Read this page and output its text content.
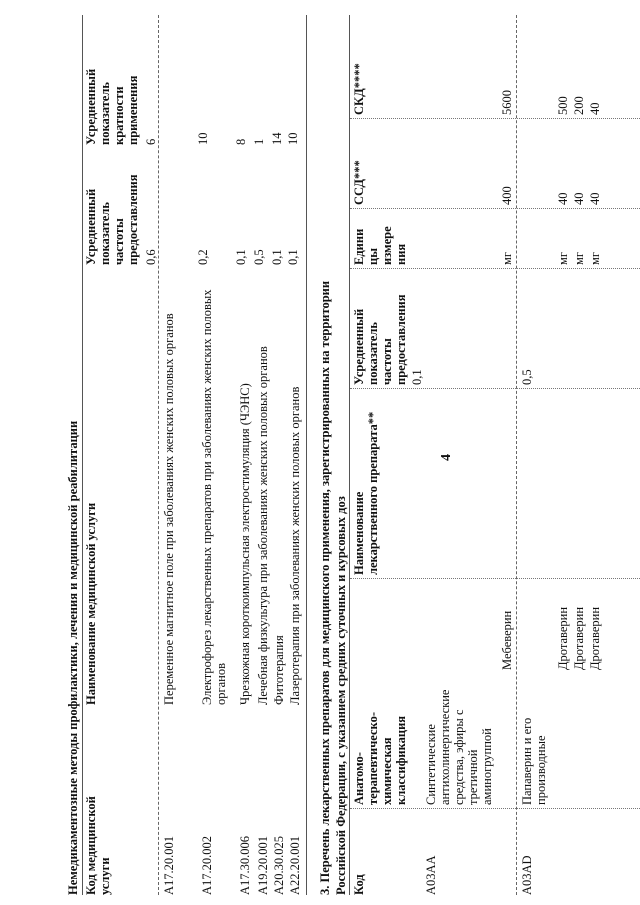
4
Немедикаментозные методы профилактики, лечения и медицинской реабилитации Код медицинской услуги
Наименование медицинской услуги
Усредненный показатель частоты предоставления
Усредненный показатель кратности применения
0,6
6
A17.20.001
Переменное магнитное поле при заболеваниях женских половых органов
0,2
10
A17.20.002
Электрофорез лекарственных препаратов при заболеваниях женских половых органов
0,1
8
A17.30.006
Чрезкожная короткоимпульсная электростимуляция (ЧЭНС)
0,5
1
A19.20.001
Лечебная физкультура при заболеваниях женских половых органов
0,1
14
A20.30.025
Фитотерапия
0,1
10
A22.20.001
Лазеротерапия при заболеваниях женских половых органов 3. Перечень лекарственных препаратов для медицинского применения, зарегистрированных на территории Российской Федерации, с указанием средних суточных и курсовых доз Код
Анатомо-терапевтическо-химическая классификация
Наименование лекарственного препарата**
Усредненный показатель частоты предоставления
Едини цы измере ния
ССД***
СКД****
0,1
A03AA
Синтетические антихолинергические средства, эфиры с третичной аминогруппой
Мебеверин
мг
400
5600
A03AD
Папаверин и его производные
0,5
Дротаверин
мг
40
500
Дротаверин
мг
40
200
Дротаверин
мг
40
40
